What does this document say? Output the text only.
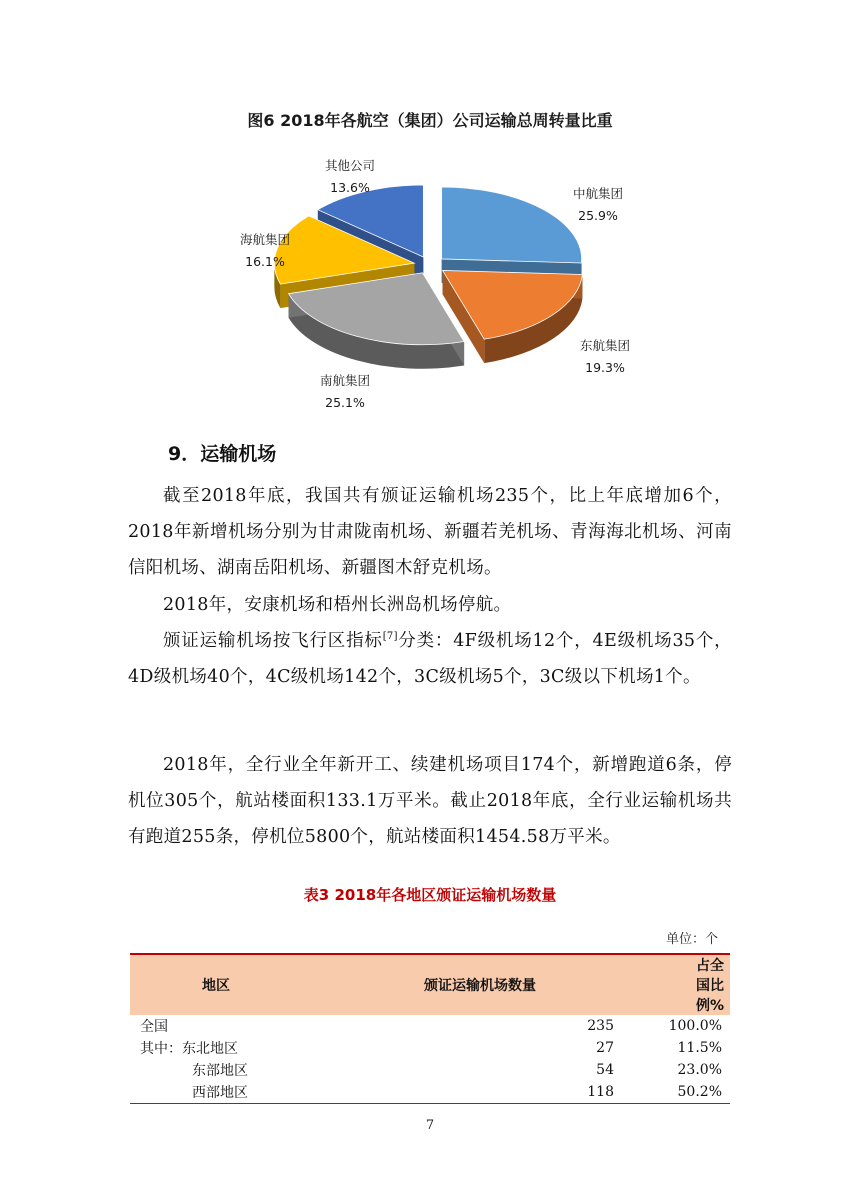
图6 2018年各航空（集团）公司运输总周转量比重
中航集团
25.9%
东航集团
19.3%
南航集团
25.1%
海航集团
16.1%
其他公司
13.6%
9．运输机场
截至2018年底，我国共有颁证运输机场235个，比上年底增加6个，2018年新增机场分别为甘肃陇南机场、新疆若羌机场、青海海北机场、河南信阳机场、湖南岳阳机场、新疆图木舒克机场。
2018年，安康机场和梧州长洲岛机场停航。
颁证运输机场按飞行区指标[7]分类：4F级机场12个，4E级机场35个，4D级机场40个，4C级机场142个，3C级机场5个，3C级以下机场1个。
2018年，全行业全年新开工、续建机场项目174个，新增跑道6条，停机位305个，航站楼面积133.1万平米。截止2018年底，全行业运输机场共有跑道255条，停机位5800个，航站楼面积1454.58万平米。
表3 2018年各地区颁证运输机场数量
单位：个
地区	颁证运输机场数量	占全国比例%
全国	235	100.0%
其中：东北地区	27	11.5%
东部地区	54	23.0%
西部地区	118	50.2%
7
